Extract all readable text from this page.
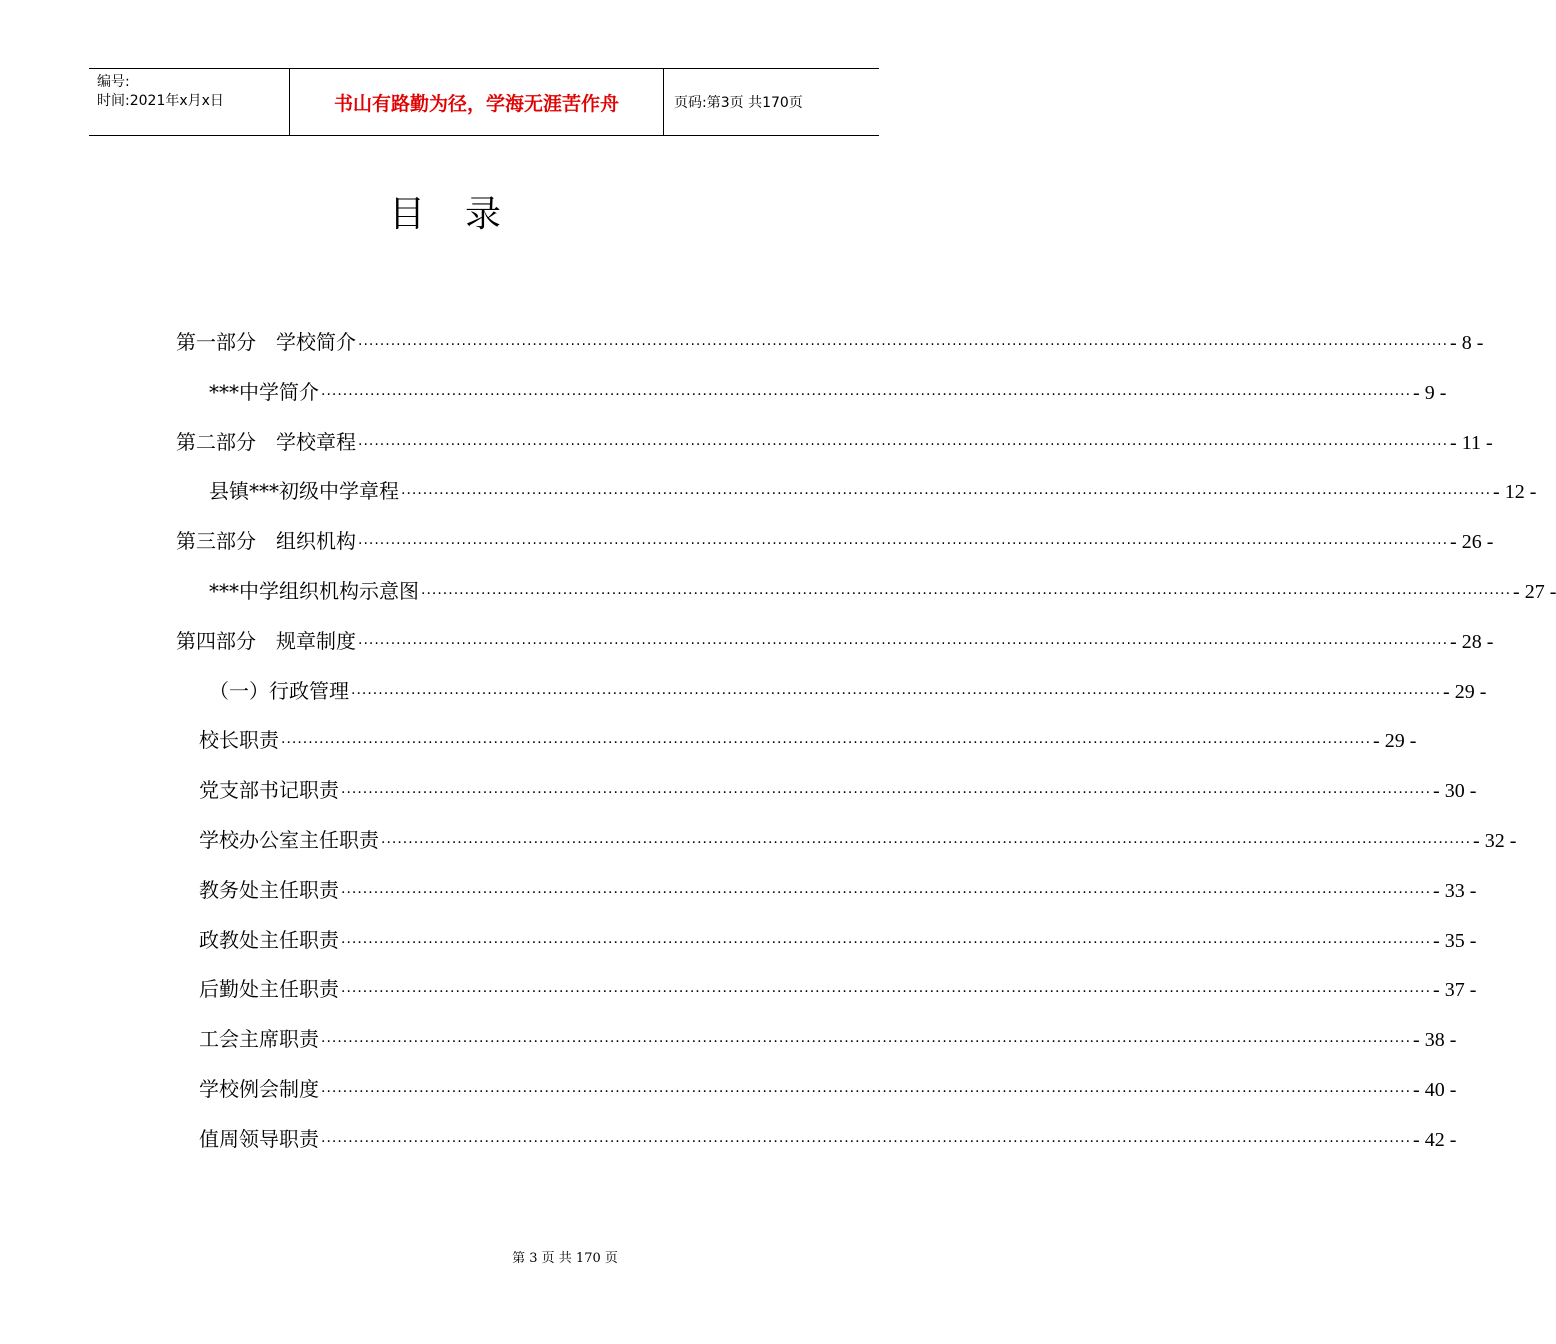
编号:
时间:2021年x月x日	书山有路勤为径，学海无涯苦作舟	页码:第3页 共170页
目录
第一部分　学校简介 ········································································································································································································ - 8 -
***中学简介 ········································································································································································································ - 9 -
第二部分　学校章程 ········································································································································································································ - 11 -
县镇***初级中学章程 ········································································································································································································ - 12 -
第三部分　组织机构 ········································································································································································································ - 26 -
***中学组织机构示意图 ········································································································································································································ - 27 -
第四部分　规章制度 ········································································································································································································ - 28 -
（一）行政管理 ········································································································································································································ - 29 -
校长职责 ········································································································································································································ - 29 -
党支部书记职责 ········································································································································································································ - 30 -
学校办公室主任职责 ········································································································································································································ - 32 -
教务处主任职责 ········································································································································································································ - 33 -
政教处主任职责 ········································································································································································································ - 35 -
后勤处主任职责 ········································································································································································································ - 37 -
工会主席职责 ········································································································································································································ - 38 -
学校例会制度 ········································································································································································································ - 40 -
值周领导职责 ········································································································································································································ - 42 -
第 3 页 共 170 页
